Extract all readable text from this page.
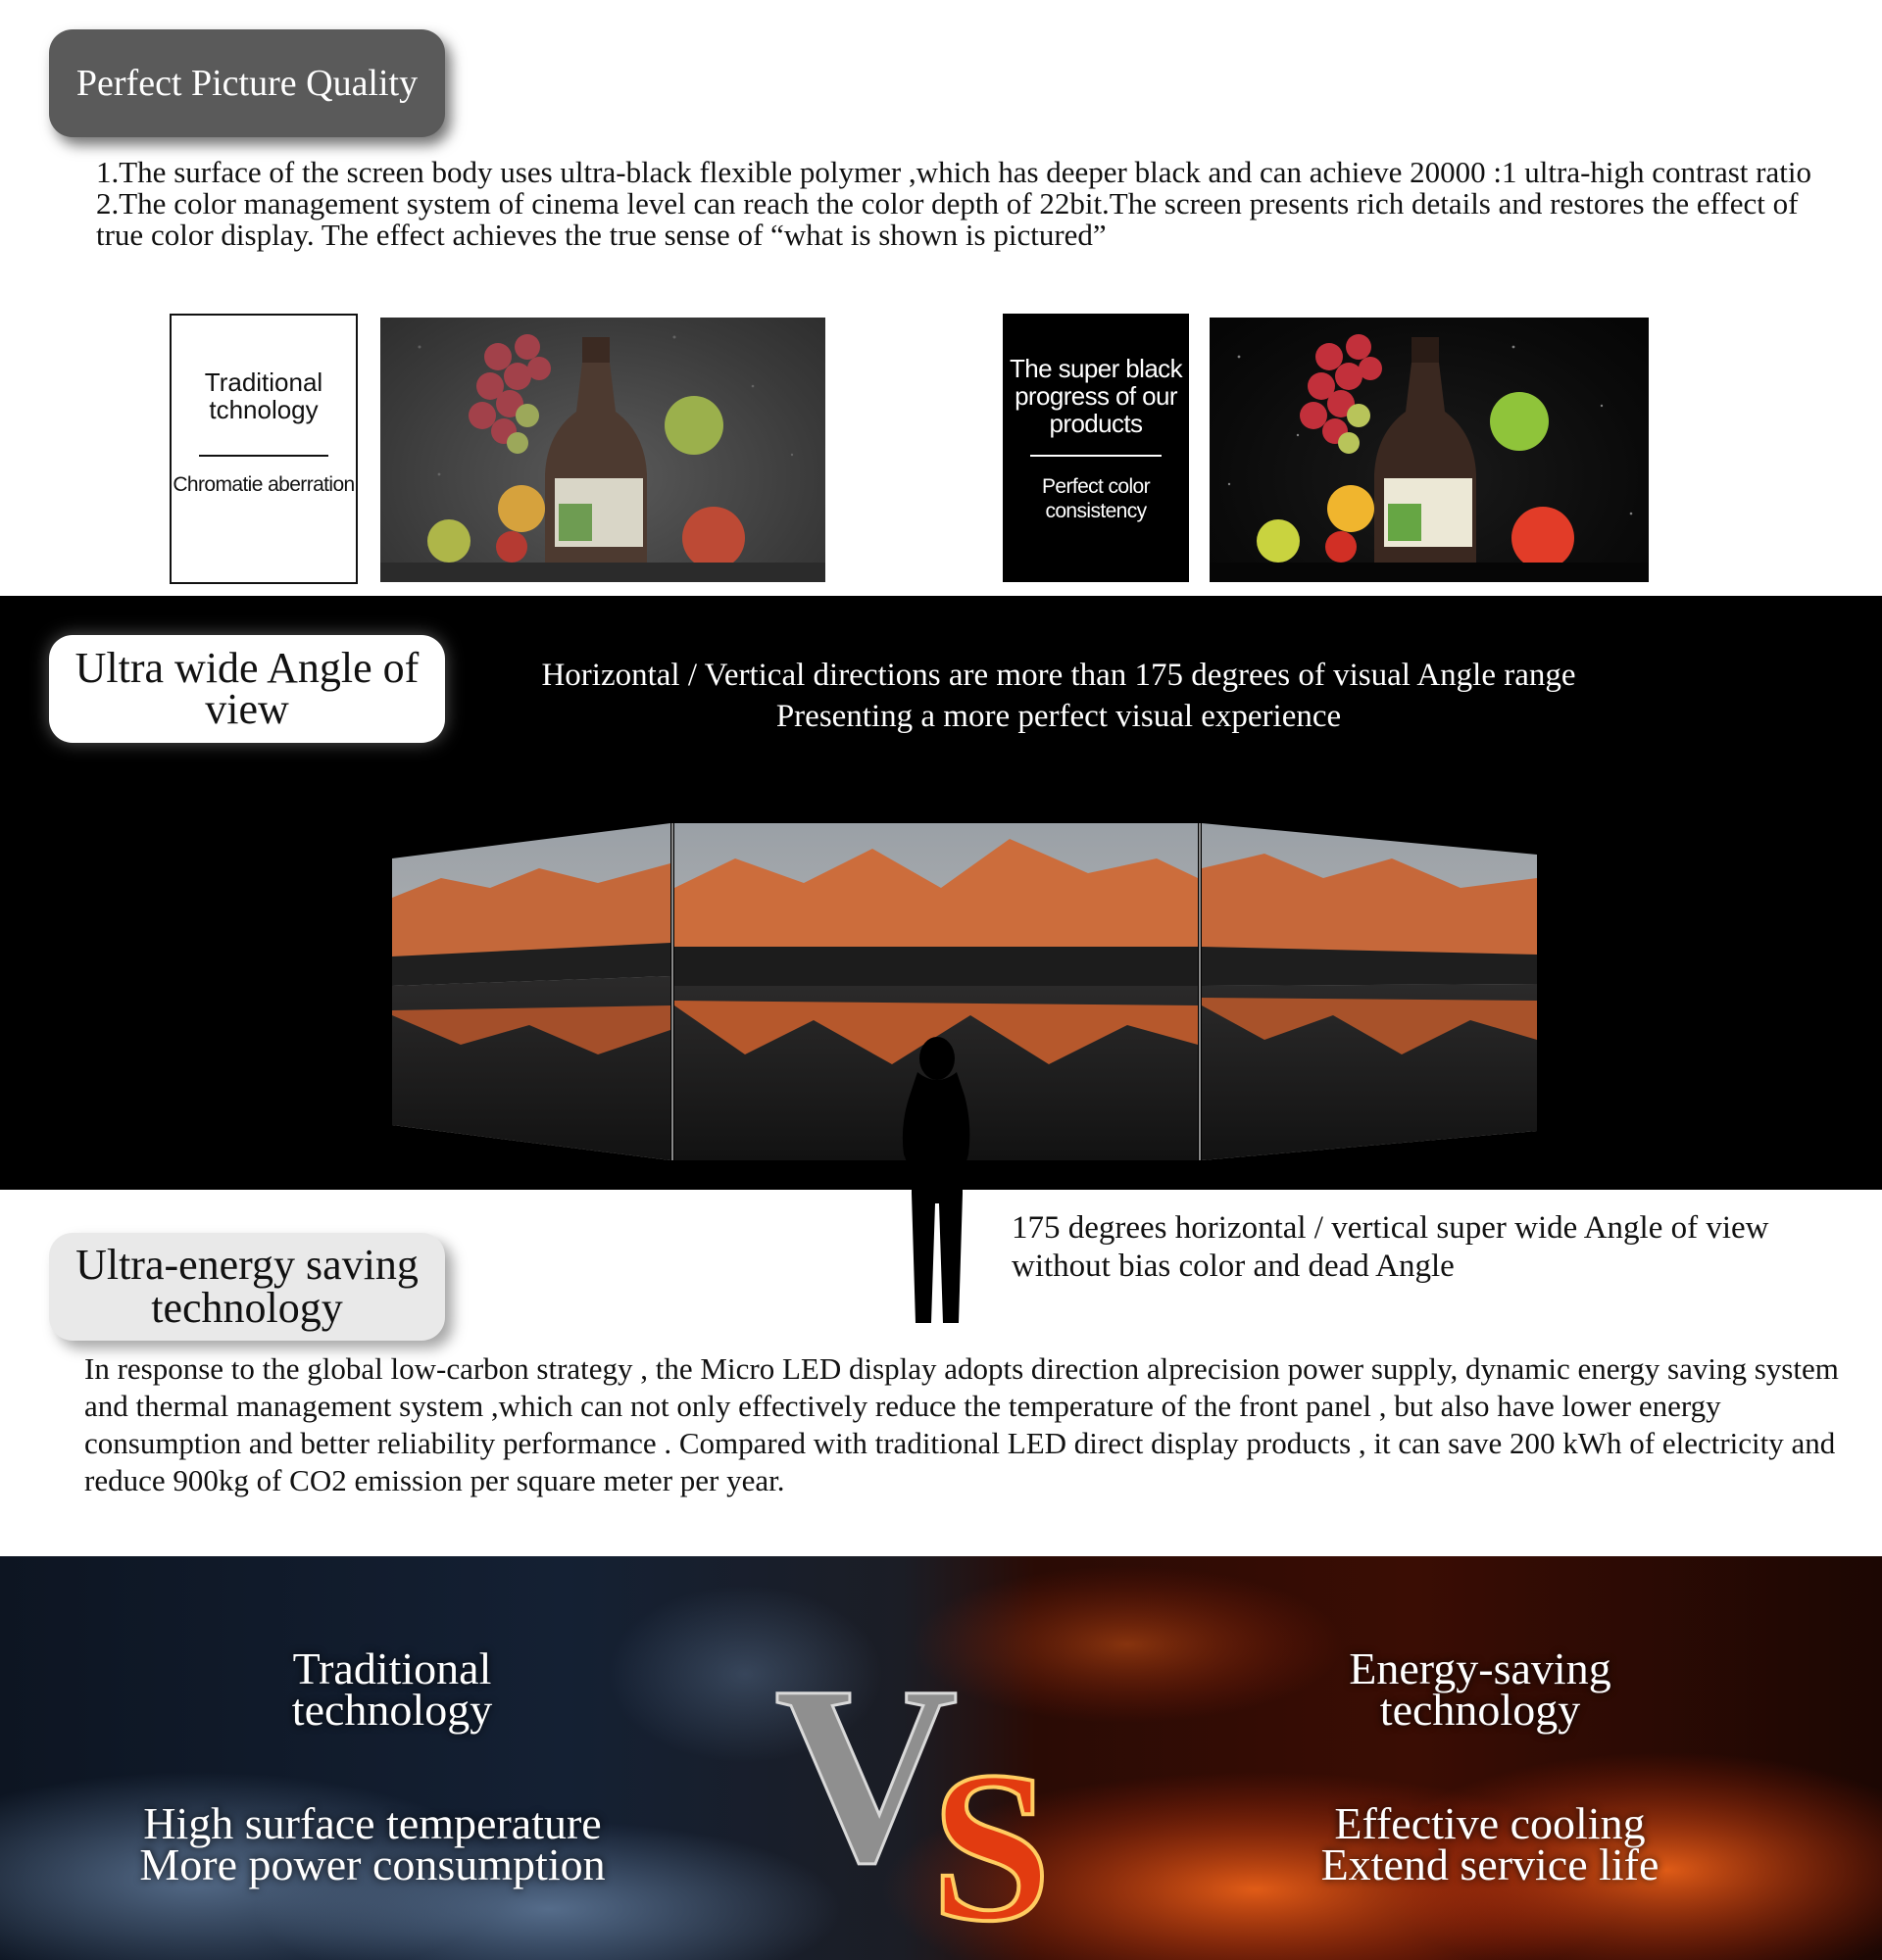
Perfect Picture Quality

1.The surface of the screen body uses ultra-black flexible polymer ,which has deeper black and can achieve 20000 :1 ultra-high contrast ratio

2.The color management system of cinema level can reach the color depth of 22bit.The screen presents rich details and restores the effect of true color display. The effect achieves the true sense of “what is shown is pictured”

Traditional tchnology
Chromatie aberration
The super black progress of our products
Perfect color consistency
Ultra wide Angle of view
Horizontal / Vertical directions are more than 175 degrees of visual Angle range
Presenting a more perfect visual experience
Ultra-energy saving technology
175 degrees horizontal / vertical super wide Angle of view without bias color and dead Angle
In response to the global low-carbon strategy , the Micro LED display adopts direction alprecision power supply, dynamic energy saving system and thermal management system ,which can not only effectively reduce the temperature of the front panel , but also have lower energy consumption and better reliability performance . Compared with traditional LED direct display products , it can save 200 kWh of electricity and reduce 900kg of CO2 emission per square meter per year.
V
S
Traditional technology
Energy-saving technology
High surface temperature More power consumption
Effective cooling Extend service life
